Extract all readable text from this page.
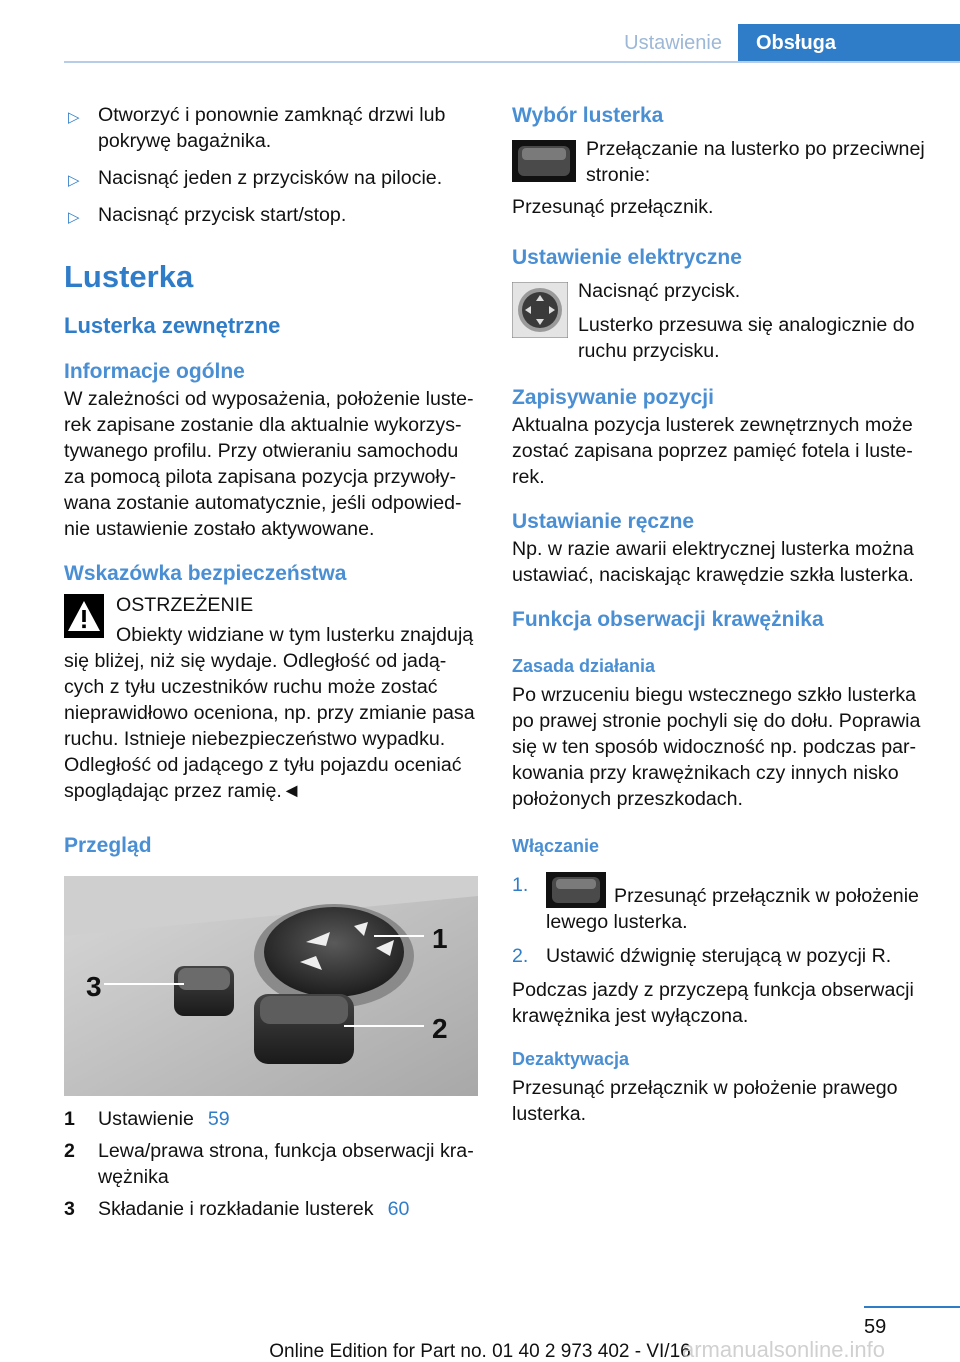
Ustawienie	Obsługa
▷ Otworzyć i ponownie zamknąć drzwi lub pokrywę bagażnika.
▷ Nacisnąć jeden z przycisków na pilocie.
▷ Nacisnąć przycisk start/stop.
Lusterka
Lusterka zewnętrzne
Informacje ogólne

W zależności od wyposażenia, położenie lusterek zapisane zostanie dla aktualnie wykorzystywanego profilu. Przy otwieraniu samochodu za pomocą pilota zapisana pozycja przywoływana zostanie automatycznie, jeśli odpowiednie ustawienie zostało aktywowane.

Wskazówka bezpieczeństwa

OSTRZEŻENIE

Obiekty widziane w tym lusterku znajdują

się bliżej, niż się wydaje. Odległość od jadących z tyłu uczestników ruchu może zostać nieprawidłowo oceniona, np. przy zmianie pasa ruchu. Istnieje niebezpieczeństwo wypadku. Odległość od jadącego z tyłu pojazdu oceniać spoglądając przez ramię.◄

Przegląd
1
2
3
1	Ustawienie 59
2	Lewa/prawa strona, funkcja obserwacji krawężnika
3	Składanie i rozkładanie lusterek 60
Wybór lusterka

Przełączanie na lusterko po przeciwnej stronie:

Przesunąć przełącznik.

Ustawienie elektryczne

Nacisnąć przycisk.

Lusterko przesuwa się analogicznie do ruchu przycisku.

Zapisywanie pozycji

Aktualna pozycja lusterek zewnętrznych może zostać zapisana poprzez pamięć fotela i lusterek.

Ustawianie ręczne

Np. w razie awarii elektrycznej lusterka można ustawiać, naciskając krawędzie szkła lusterka.

Funkcja obserwacji krawężnika
Zasada działania

Po wrzuceniu biegu wstecznego szkło lusterka po prawej stronie pochyli się do dołu. Poprawia się w ten sposób widoczność np. podczas parkowania przy krawężnikach czy innych nisko położonych przeszkodach.

Włączanie
1.	Przesunąć przełącznik w położenie lewego lusterka.
2. Ustawić dźwignię sterującą w pozycji R.

Podczas jazdy z przyczepą funkcja obserwacji krawężnika jest wyłączona.

Dezaktywacja

Przesunąć przełącznik w położenie prawego lusterka.

59
Online Edition for Part no. 01 40 2 973 402 - VI/16
armanualsonline.info
